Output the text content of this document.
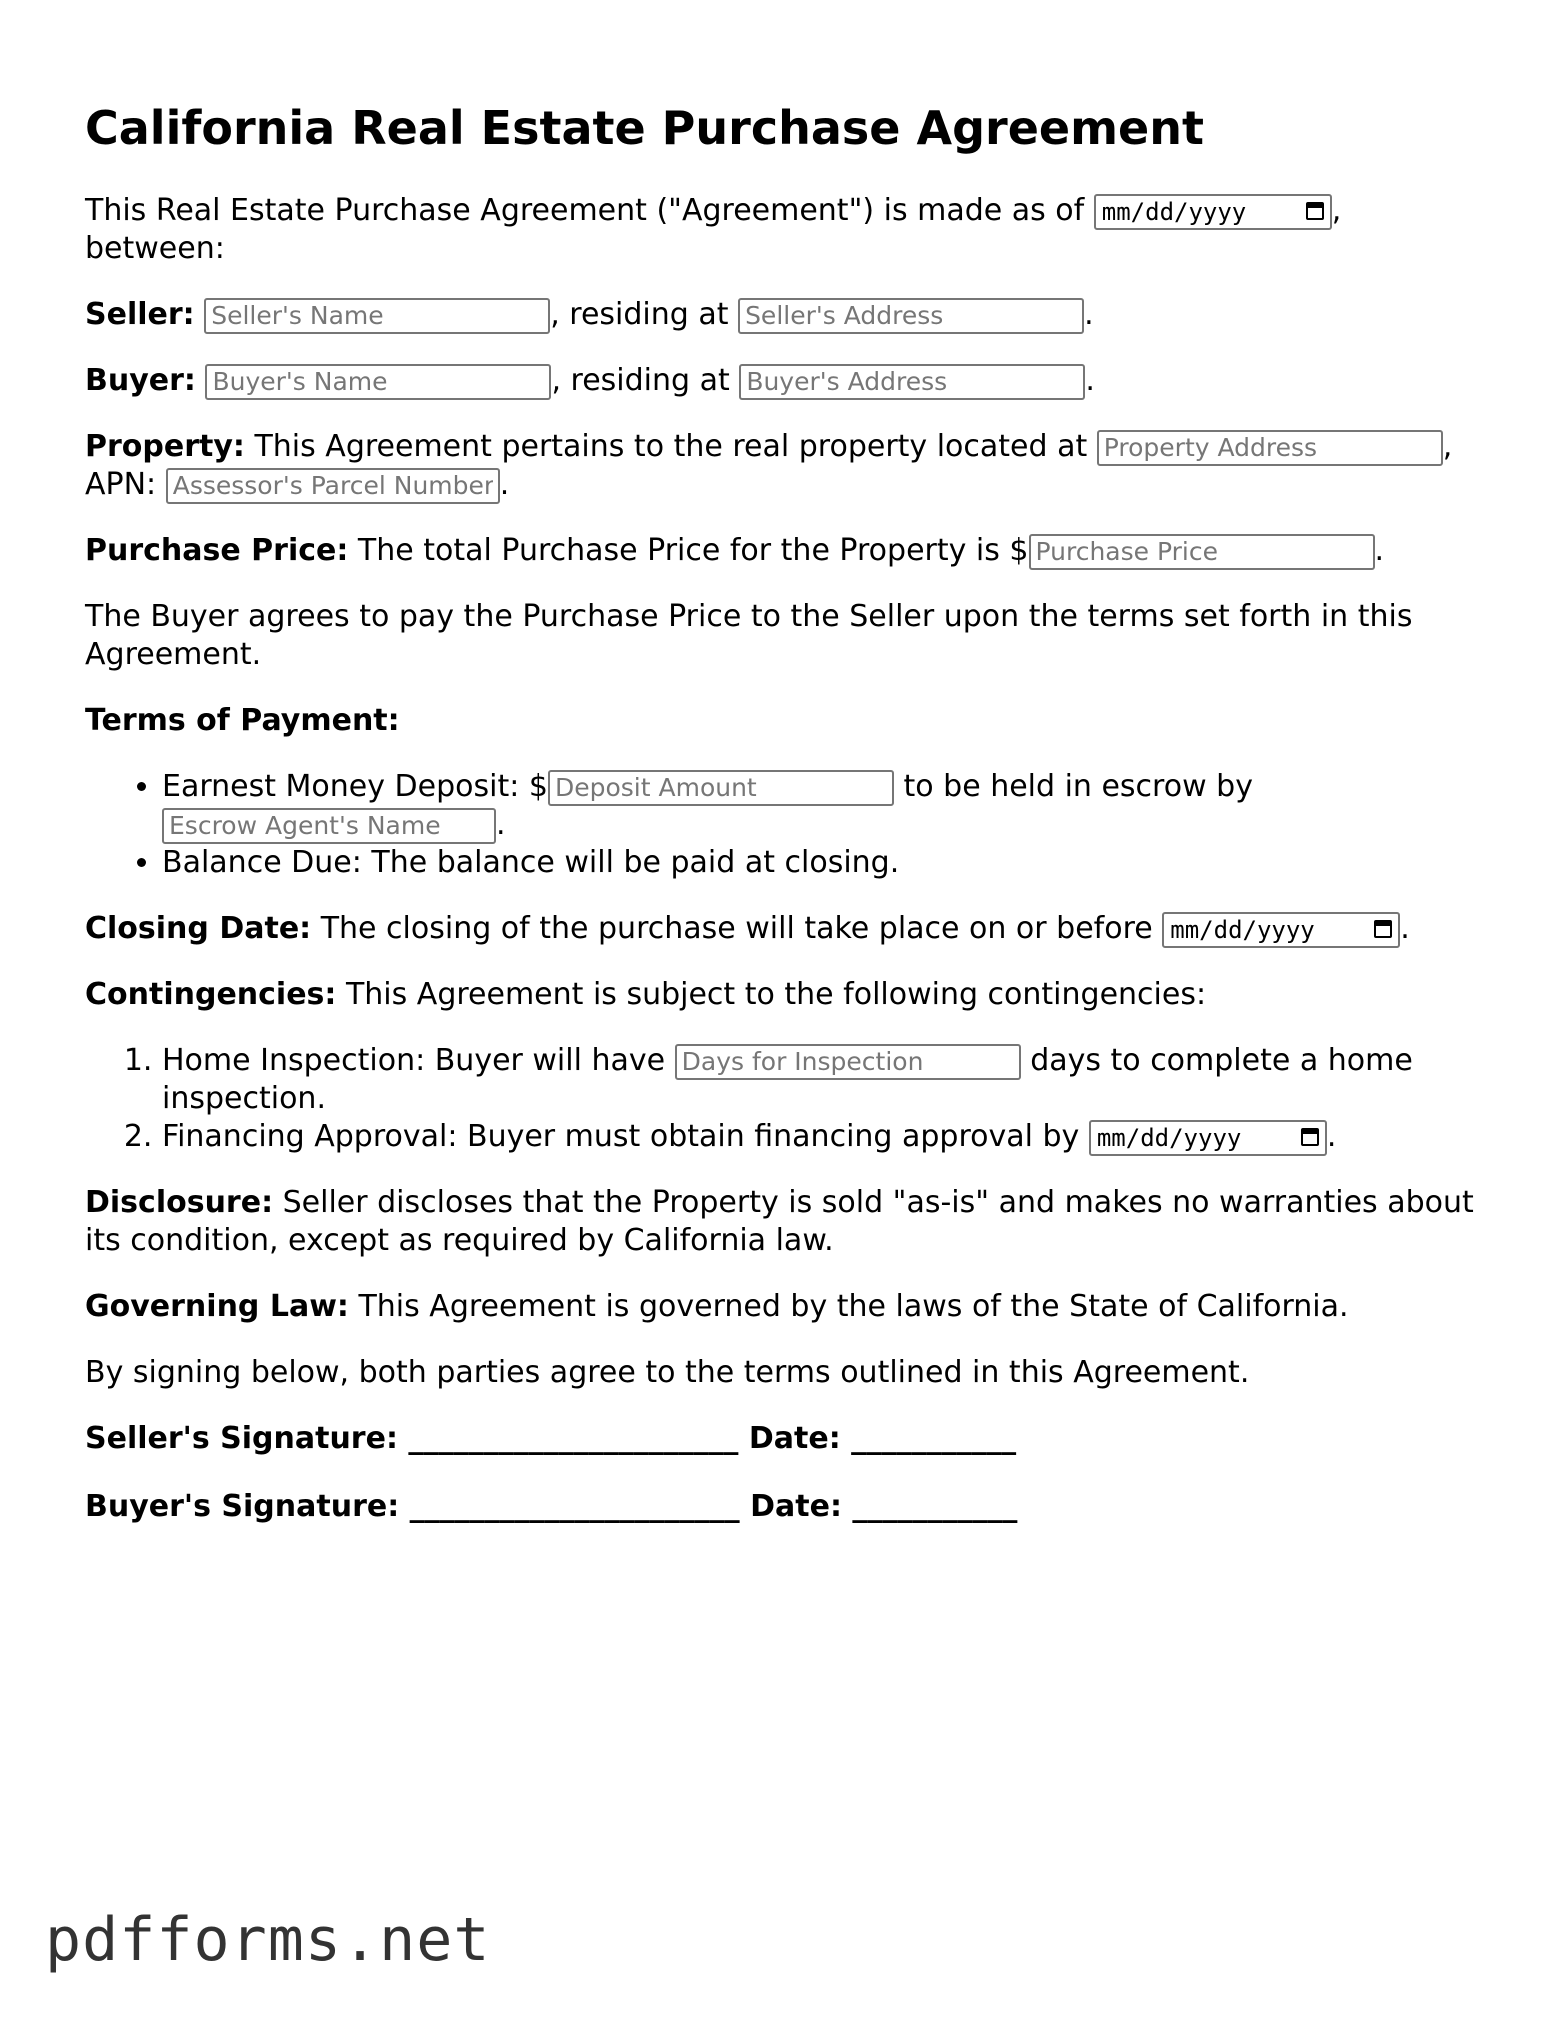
California Real Estate Purchase Agreement

This Real Estate Purchase Agreement ("Agreement") is made as of mm/dd/yyyy	, between:

Seller: Seller's Name	, residing at Seller's Address	.

Buyer: Buyer's Name	, residing at Buyer's Address	.

Property: This Agreement pertains to the real property located at Property Address	, APN: Assessor's Parcel Number	.

Purchase Price: The total Purchase Price for the Property is $Purchase Price	.

The Buyer agrees to pay the Purchase Price to the Seller upon the terms set forth in this Agreement.

Terms of Payment:

• Earnest Money Deposit: $Deposit Amount	to be held in escrow by Escrow Agent's Name.
• Balance Due: The balance will be paid at closing.

Closing Date: The closing of the purchase will take place on or before mm/dd/yyyy	.

Contingencies: This Agreement is subject to the following contingencies:

1. Home Inspection: Buyer will have Days for Inspection	days to complete a home inspection.
2. Financing Approval: Buyer must obtain financing approval by mm/dd/yyyy	.

Disclosure: Seller discloses that the Property is sold "as-is" and makes no warranties about its condition, except as required by California law.

Governing Law: This Agreement is governed by the laws of the State of California.

By signing below, both parties agree to the terms outlined in this Agreement.

Seller's Signature: ______________________ Date: ___________

Buyer's Signature: ______________________ Date: ___________

pdfforms.net
